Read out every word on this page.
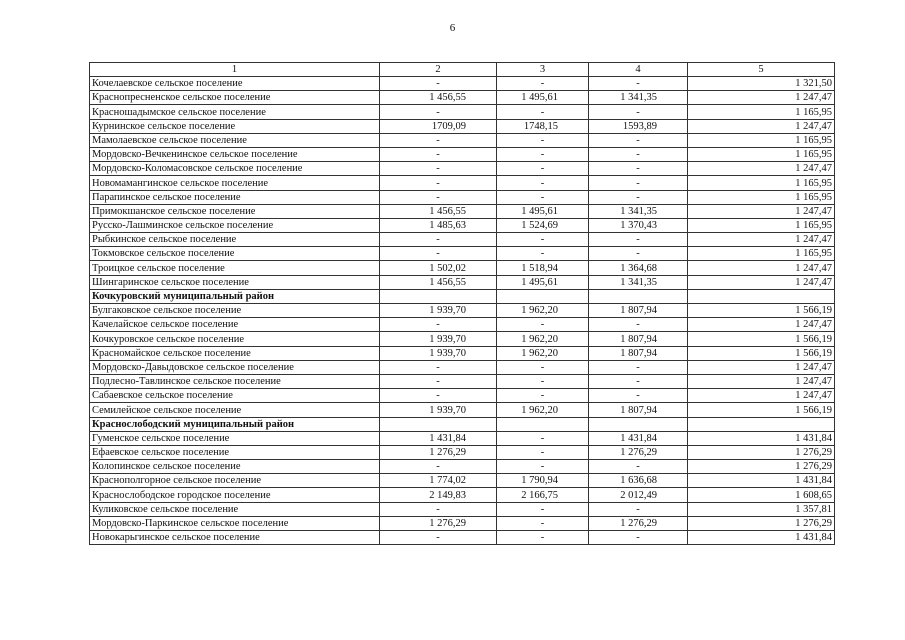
6
1	2	3	4	5
Кочелаевское сельское поселение	-	-	-	1 321,50
Краснопресненское сельское поселение	1 456,55	1 495,61	1 341,35	1 247,47
Красношадымское сельское поселение	-	-	-	1 165,95
Курнинское сельское поселение	1709,09	1748,15	1593,89	1 247,47
Мамолаевское сельское поселение	-	-	-	1 165,95
Мордовско-Вечкенинское сельское поселение	-	-	-	1 165,95
Мордовско-Коломасовское сельское поселение	-	-	-	1 247,47
Новомамангинское сельское поселение	-	-	-	1 165,95
Парапинское сельское поселение	-	-	-	1 165,95
Примокшанское сельское поселение	1 456,55	1 495,61	1 341,35	1 247,47
Русско-Лашминское сельское поселение	1 485,63	1 524,69	1 370,43	1 165,95
Рыбкинское сельское поселение	-	-	-	1 247,47
Токмовское сельское поселение	-	-	-	1 165,95
Троицкое сельское поселение	1 502,02	1 518,94	1 364,68	1 247,47
Шингаринское сельское поселение	1 456,55	1 495,61	1 341,35	1 247,47
Кочкуровский муниципальный район				
Булгаковское сельское поселение	1 939,70	1 962,20	1 807,94	1 566,19
Качелайское сельское поселение	-	-	-	1 247,47
Кочкуровское сельское поселение	1 939,70	1 962,20	1 807,94	1 566,19
Красномайское сельское поселение	1 939,70	1 962,20	1 807,94	1 566,19
Мордовско-Давыдовское сельское поселение	-	-	-	1 247,47
Подлесно-Тавлинское сельское поселение	-	-	-	1 247,47
Сабаевское сельское поселение	-	-	-	1 247,47
Семилейское сельское поселение	1 939,70	1 962,20	1 807,94	1 566,19
Краснослободский муниципальный район				
Гуменское сельское поселение	1 431,84	-	1 431,84	1 431,84
Ефаевское сельское поселение	1 276,29	-	1 276,29	1 276,29
Колопинское сельское поселение	-	-	-	1 276,29
Краснополгорное сельское поселение	1 774,02	1 790,94	1 636,68	1 431,84
Краснослободское городское поселение	2 149,83	2 166,75	2 012,49	1 608,65
Куликовское сельское поселение	-	-	-	1 357,81
Мордовско-Паркинское сельское поселение	1 276,29	-	1 276,29	1 276,29
Новокарьгинское сельское поселение	-	-	-	1 431,84
